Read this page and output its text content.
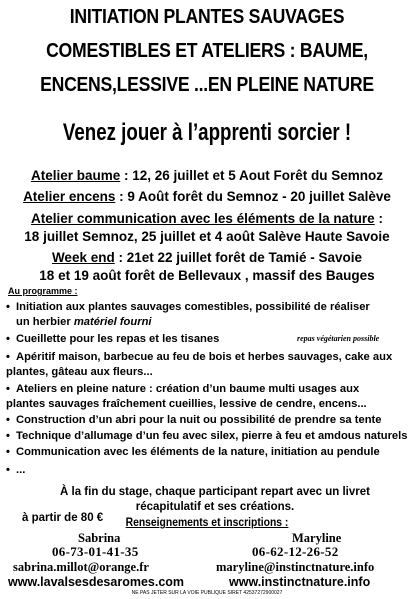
INITIATION PLANTES SAUVAGES
COMESTIBLES ET ATELIERS : BAUME,
ENCENS,LESSIVE ...EN PLEINE NATURE
Venez jouer à l’apprenti sorcier !
Atelier baume : 12, 26 juillet et 5 Aout Forêt du Semnoz
Atelier encens : 9 Août forêt du Semnoz - 20 juillet Salève
Atelier communication avec les éléments de la nature :
18 juillet Semnoz, 25 juillet et 4 août Salève Haute Savoie
Week end : 21et 22 juillet forêt de Tamié - Savoie
18 et 19 août forêt de Bellevaux , massif des Bauges
Au programme :
• Initiation aux plantes sauvages comestibles, possibilité de réaliser
un herbier matériel fourni
• Cueillette pour les repas et les tisanes	repas végétarien possible
• Apéritif maison, barbecue au feu de bois et herbes sauvages, cake aux
plantes, gâteau aux fleurs...
• Ateliers en pleine nature : création d’un baume multi usages aux
plantes sauvages fraîchement cueillies, lessive de cendre, encens...
• Construction d’un abri pour la nuit ou possibilité de prendre sa tente
• Technique d’allumage d’un feu avec silex, pierre à feu et amdous naturels
• Communication avec les éléments de la nature, initiation au pendule
• ...
À la fin du stage, chaque participant repart avec un livret
récapitulatif et ses créations.
à partir de 80 €	Renseignements et inscriptions :
Sabrina
06-73-01-41-35
sabrina.millot@orange.fr
www.lavalsesdesaromes.com
Maryline
06-62-12-26-52
maryline@instinctnature.info
www.instinctnature.info
NE PAS JETER SUR LA VOIE PUBLIQUE SIRET 42537272900027
